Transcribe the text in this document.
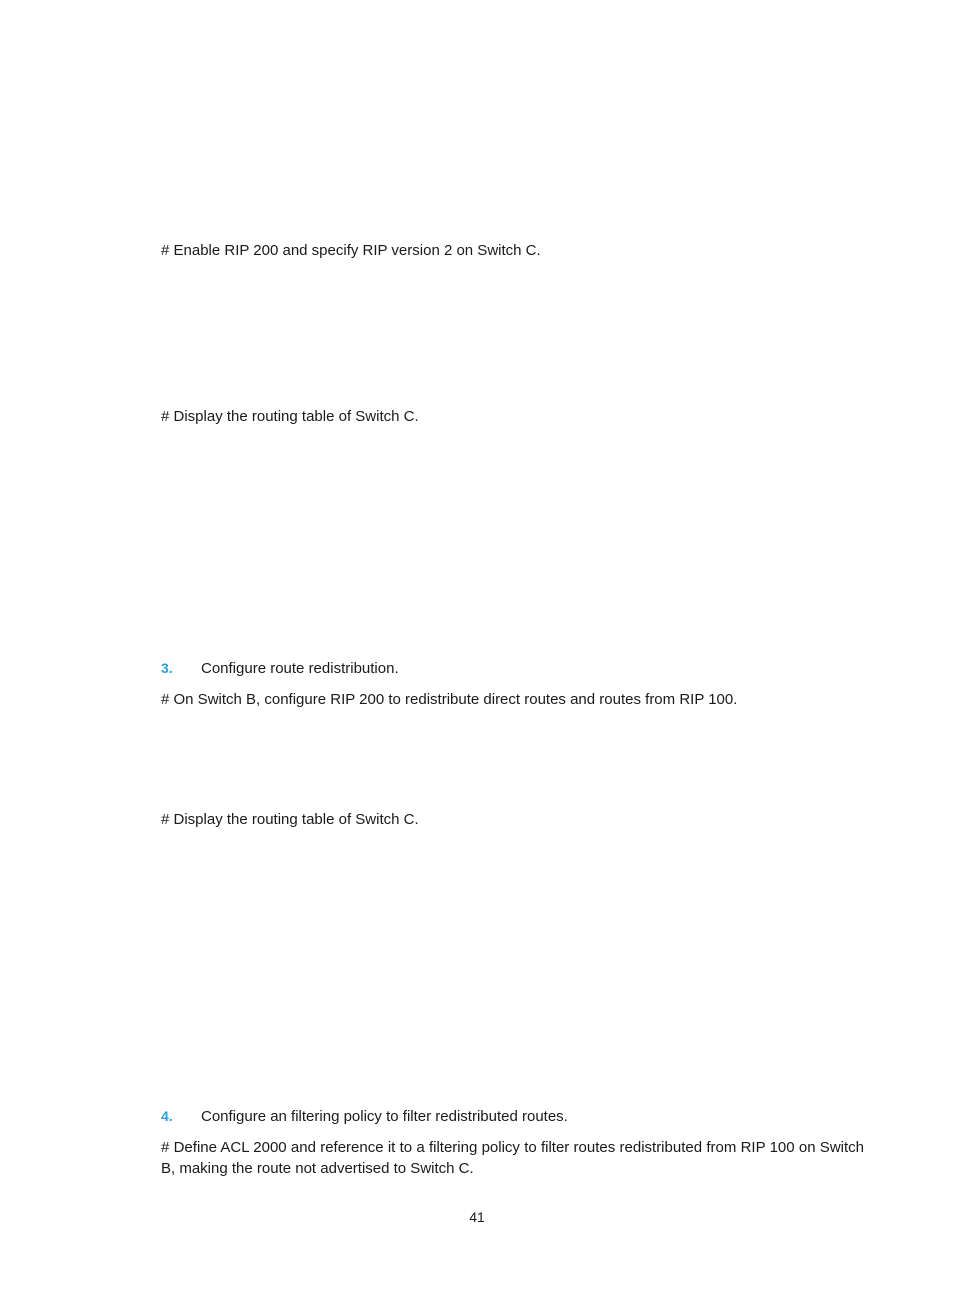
# Enable RIP 200 and specify RIP version 2 on Switch C.
# Display the routing table of Switch C.
3. Configure route redistribution.
# On Switch B, configure RIP 200 to redistribute direct routes and routes from RIP 100.
# Display the routing table of Switch C.
4. Configure an filtering policy to filter redistributed routes.
# Define ACL 2000 and reference it to a filtering policy to filter routes redistributed from RIP 100 on Switch B, making the route not advertised to Switch C.
41
